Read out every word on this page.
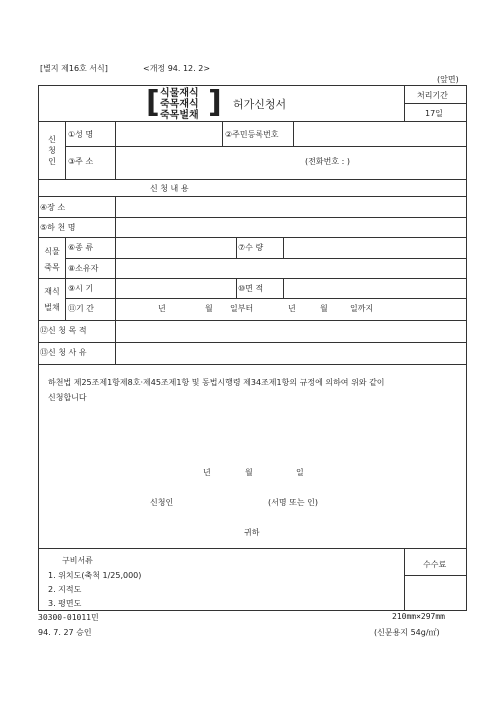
[별지 제16호 서식]	<개정 94. 12. 2>
(앞면)
[ 식물재식
죽목재식
죽목벌채 ] 허가신청서
처리기간
17일
신청인
①성 명	②주민등록번호
③주 소	(전화번호 : )
신 청 내 용
④장 소
⑤하 천 명
식물 죽목
⑥종 류	⑦수 량
⑧소유자
재식 벌채
⑨시 기	⑩면 적
⑪기 간	년	월 일부터	년	월	일까지
⑫신 청 목 적
⑬신 청 사 유
하천법 제25조제1항제8호·제45조제1항 및 동법시행령 제34조제1항의 규정에 의하여 위와 같이
신청합니다
년	월	일
신청인	(서명 또는 인)
귀하
구비서류
1. 위치도(축척 1/25,000)
2. 지적도
3. 평면도
수수료
30300-01011민	210mm×297mm
94. 7. 27 승인	(신문용지 54g/㎡)
